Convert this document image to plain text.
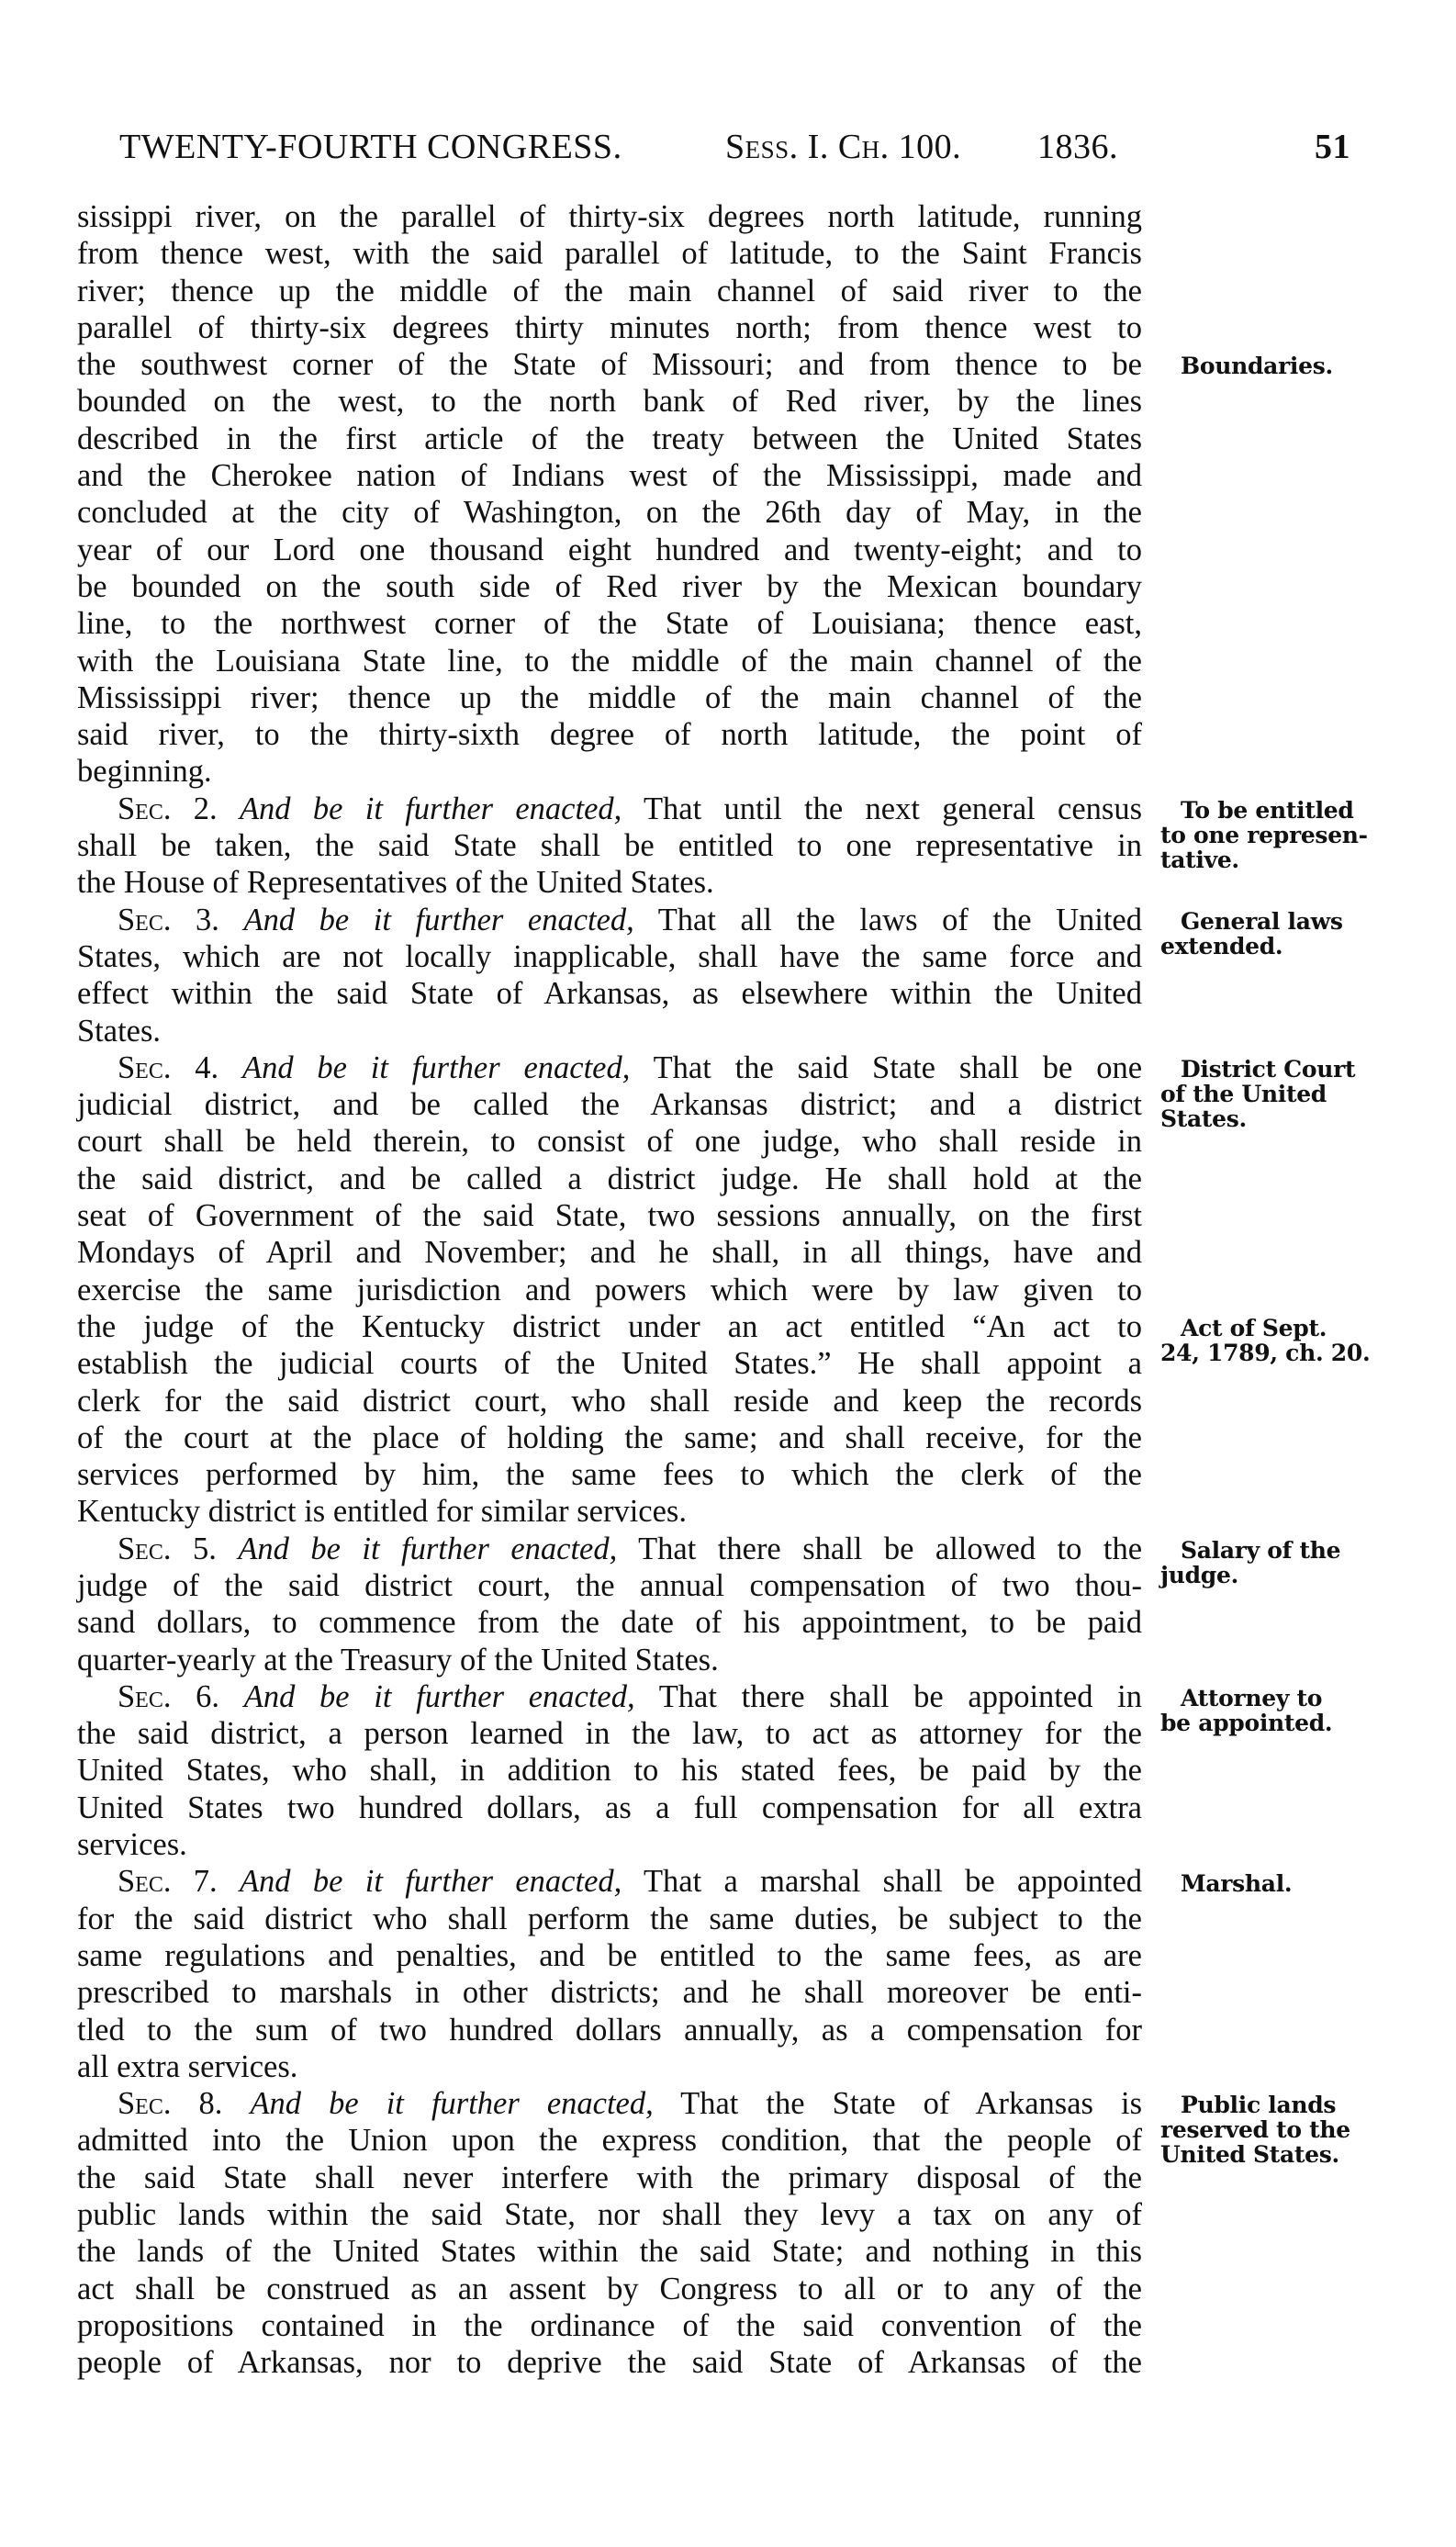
TWENTY-FOURTH CONGRESS.	Sess. I. Ch. 100. 1836.	51
sissippi river, on the parallel of thirty-six degrees north latitude, running
from thence west, with the said parallel of latitude, to the Saint Francis
river; thence up the middle of the main channel of said river to the
parallel of thirty-six degrees thirty minutes north; from thence west to
the southwest corner of the State of Missouri; and from thence to be
bounded on the west, to the north bank of Red river, by the lines
described in the first article of the treaty between the United States
and the Cherokee nation of Indians west of the Mississippi, made and
concluded at the city of Washington, on the 26th day of May, in the
year of our Lord one thousand eight hundred and twenty-eight; and to
be bounded on the south side of Red river by the Mexican boundary
line, to the northwest corner of the State of Louisiana; thence east,
with the Louisiana State line, to the middle of the main channel of the
Mississippi river; thence up the middle of the main channel of the
said river, to the thirty-sixth degree of north latitude, the point of
beginning.
Sec. 2. And be it further enacted, That until the next general census
shall be taken, the said State shall be entitled to one representative in
the House of Representatives of the United States.
Sec. 3. And be it further enacted, That all the laws of the United
States, which are not locally inapplicable, shall have the same force and
effect within the said State of Arkansas, as elsewhere within the United
States.
Sec. 4. And be it further enacted, That the said State shall be one
judicial district, and be called the Arkansas district; and a district
court shall be held therein, to consist of one judge, who shall reside in
the said district, and be called a district judge. He shall hold at the
seat of Government of the said State, two sessions annually, on the first
Mondays of April and November; and he shall, in all things, have and
exercise the same jurisdiction and powers which were by law given to
the judge of the Kentucky district under an act entitled “An act to
establish the judicial courts of the United States.” He shall appoint a
clerk for the said district court, who shall reside and keep the records
of the court at the place of holding the same; and shall receive, for the
services performed by him, the same fees to which the clerk of the
Kentucky district is entitled for similar services.
Sec. 5. And be it further enacted, That there shall be allowed to the
judge of the said district court, the annual compensation of two thou-
sand dollars, to commence from the date of his appointment, to be paid
quarter-yearly at the Treasury of the United States.
Sec. 6. And be it further enacted, That there shall be appointed in
the said district, a person learned in the law, to act as attorney for the
United States, who shall, in addition to his stated fees, be paid by the
United States two hundred dollars, as a full compensation for all extra
services.
Sec. 7. And be it further enacted, That a marshal shall be appointed
for the said district who shall perform the same duties, be subject to the
same regulations and penalties, and be entitled to the same fees, as are
prescribed to marshals in other districts; and he shall moreover be enti-
tled to the sum of two hundred dollars annually, as a compensation for
all extra services.
Sec. 8. And be it further enacted, That the State of Arkansas is
admitted into the Union upon the express condition, that the people of
the said State shall never interfere with the primary disposal of the
public lands within the said State, nor shall they levy a tax on any of
the lands of the United States within the said State; and nothing in this
act shall be construed as an assent by Congress to all or to any of the
propositions contained in the ordinance of the said convention of the
people of Arkansas, nor to deprive the said State of Arkansas of the
Boundaries.
To be entitled
to one represen-
tative.
General laws
extended.
District Court
of the United
States.
Act of Sept.
24, 1789, ch. 20.
Salary of the
judge.
Attorney to
be appointed.
Marshal.
Public lands
reserved to the
United States.
